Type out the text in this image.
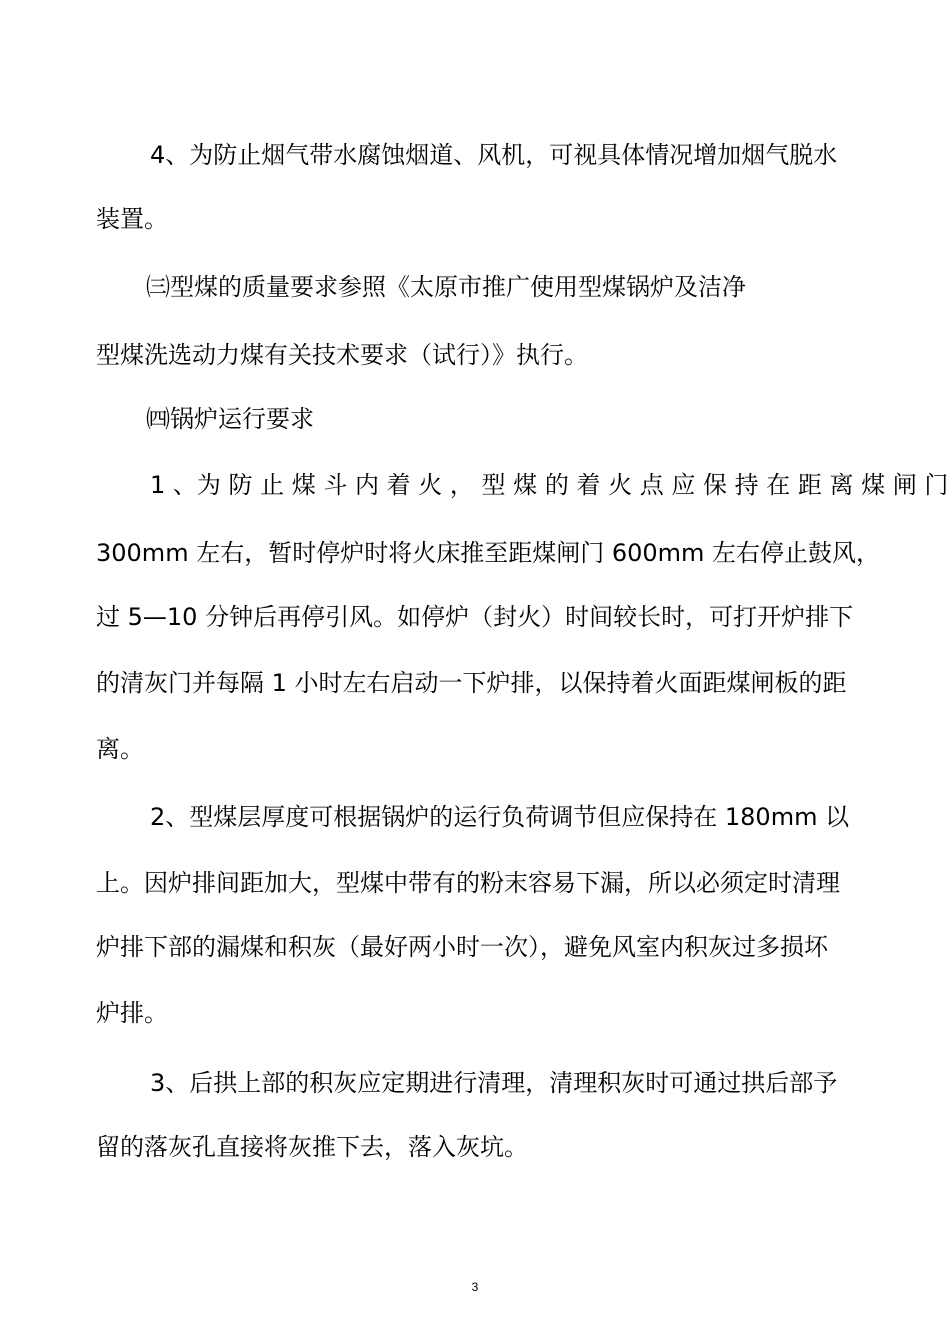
4、为防止烟气带水腐蚀烟道、风机，可视具体情况增加烟气脱水
装置。
㈢型煤的质量要求参照《太原市推广使用型煤锅炉及洁净
型煤洗选动力煤有关技术要求（试行）》执行。
㈣锅炉运行要求
1 、为 防 止 煤 斗 内 着 火 ， 型 煤 的 着 火 点 应 保 持 在 距 离 煤 闸 门
300mm 左右，暂时停炉时将火床推至距煤闸门 600mm 左右停止鼓风，
过 5—10 分钟后再停引风。如停炉（封火）时间较长时，可打开炉排下
的清灰门并每隔 1 小时左右启动一下炉排，以保持着火面距煤闸板的距
离。
2、型煤层厚度可根据锅炉的运行负荷调节但应保持在 180mm 以
上。因炉排间距加大，型煤中带有的粉末容易下漏，所以必须定时清理
炉排下部的漏煤和积灰（最好两小时一次），避免风室内积灰过多损坏
炉排。
3、后拱上部的积灰应定期进行清理，清理积灰时可通过拱后部予
留的落灰孔直接将灰推下去，落入灰坑。
3
